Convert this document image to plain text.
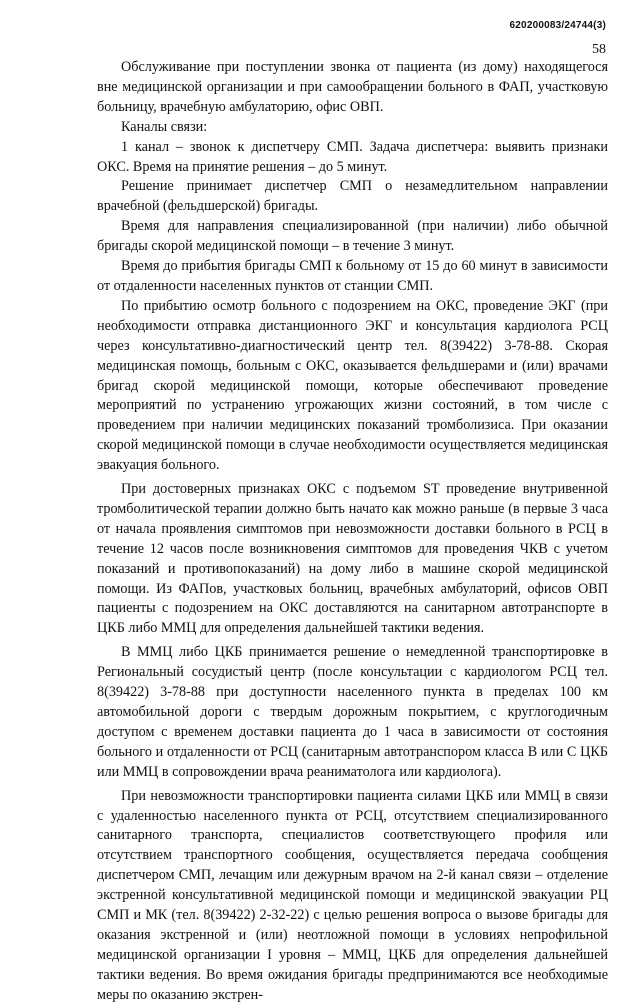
620200083/24744(3)
58

Обслуживание при поступлении звонка от пациента (из дому) находящегося вне медицинской организации и при самообращении больного в ФАП, участковую больницу, врачебную амбулаторию, офис ОВП.

Каналы связи:

1 канал – звонок к диспетчеру СМП. Задача диспетчера: выявить признаки ОКС. Время на принятие решения – до 5 минут.

Решение принимает диспетчер СМП о незамедлительном направлении врачебной (фельдшерской) бригады.

Время для направления специализированной (при наличии) либо обычной бригады скорой медицинской помощи – в течение 3 минут.

Время до прибытия бригады СМП к больному от 15 до 60 минут в зависимости от отдаленности населенных пунктов от станции СМП.

По прибытию осмотр больного с подозрением на ОКС, проведение ЭКГ (при необходимости отправка дистанционного ЭКГ и консультация кардиолога РСЦ через консультативно-диагностический центр тел. 8(39422) 3-78-88. Скорая медицинская помощь, больным с ОКС, оказывается фельдшерами и (или) врачами бригад скорой медицинской помощи, которые обеспечивают проведение мероприятий по устранению угрожающих жизни состояний, в том числе с проведением при наличии медицинских показаний тромболизиса. При оказании скорой медицинской помощи в случае необходимости осуществляется медицинская эвакуация больного.

При достоверных признаках ОКС с подъемом ST проведение внутривенной тромболитической терапии должно быть начато как можно раньше (в первые 3 часа от начала проявления симптомов при невозможности доставки больного в РСЦ в течение 12 часов после возникновения симптомов для проведения ЧКВ с учетом показаний и противопоказаний) на дому либо в машине скорой медицинской помощи. Из ФАПов, участковых больниц, врачебных амбулаторий, офисов ОВП пациенты с подозрением на ОКС доставляются на санитарном автотранспорте в ЦКБ либо ММЦ для определения дальнейшей тактики ведения.

В ММЦ либо ЦКБ принимается решение о немедленной транспортировке в Региональный сосудистый центр (после консультации с кардиологом РСЦ тел. 8(39422) 3-78-88 при доступности населенного пункта в пределах 100 км автомобильной дороги с твердым дорожным покрытием, с круглогодичным доступом с временем доставки пациента до 1 часа в зависимости от состояния больного и отдаленности от РСЦ (санитарным автотранспором класса В или С ЦКБ или ММЦ в сопровождении врача реаниматолога или кардиолога).

При невозможности транспортировки пациента силами ЦКБ или ММЦ в связи с удаленностью населенного пункта от РСЦ, отсутствием специализированного санитарного транспорта, специалистов соответствующего профиля или отсутствием транспортного сообщения, осуществляется передача сообщения диспетчером СМП, лечащим или дежурным врачом на 2-й канал связи – отделение экстренной консультативной медицинской помощи и медицинской эвакуации РЦ СМП и МК (тел. 8(39422) 2-32-22) с целью решения вопроса о вызове бригады для оказания экстренной и (или) неотложной помощи в условиях непрофильной медицинской организации I уровня – ММЦ, ЦКБ для определения дальнейшей тактики ведения. Во время ожидания бригады предпринимаются все необходимые меры по оказанию экстрен-
